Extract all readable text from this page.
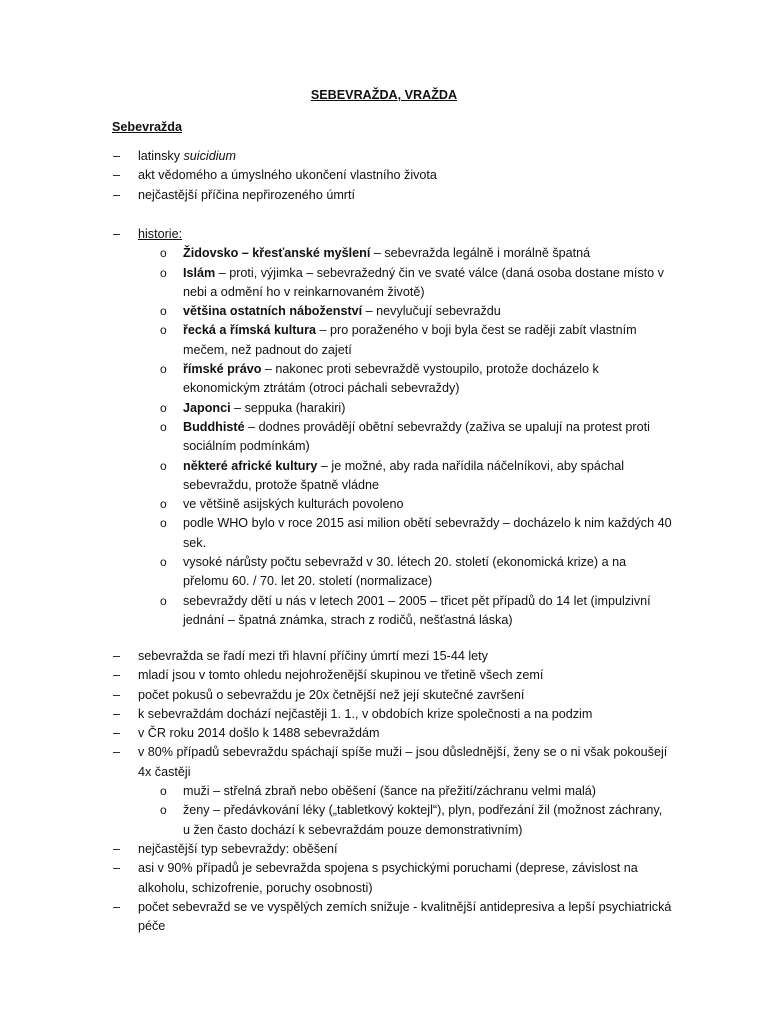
SEBEVRAŽDA, VRAŽDA
Sebevražda
– latinsky suicidium
– akt vědomého a úmyslného ukončení vlastního života
– nejčastější příčina nepřirozeného úmrtí
– historie:
o Židovsko – křesťanské myšlení – sebevražda legálně i morálně špatná
o Islám – proti, výjimka – sebevražedný čin ve svaté válce (daná osoba dostane místo v nebi a odmění ho v reinkarnovaném životě)
o většina ostatních náboženství – nevylučují sebevraždu
o řecká a římská kultura – pro poraženého v boji byla čest se raději zabít vlastním mečem, než padnout do zajetí
o římské právo – nakonec proti sebevraždě vystoupilo, protože docházelo k ekonomickým ztrátám (otroci páchali sebevraždy)
o Japonci – seppuka (harakiri)
o Buddhisté – dodnes provádějí obětní sebevraždy (zaživa se upalují na protest proti sociálním podmínkám)
o některé africké kultury – je možné, aby rada nařídila náčelníkovi, aby spáchal sebevraždu, protože špatně vládne
o ve většině asijských kulturách povoleno
o podle WHO bylo v roce 2015 asi milion obětí sebevraždy – docházelo k nim každých 40 sek.
o vysoké nárůsty počtu sebevražd v 30. létech 20. století (ekonomická krize) a na přelomu 60. / 70. let 20. století (normalizace)
o sebevraždy dětí u nás v letech 2001 – 2005 – třicet pět případů do 14 let (impulzivní jednání – špatná známka, strach z rodičů, nešťastná láska)
– sebevražda se řadí mezi tři hlavní příčiny úmrtí mezi 15-44 lety
– mladí jsou v tomto ohledu nejohroženější skupinou ve třetině všech zemí
– počet pokusů o sebevraždu je 20x četnější než její skutečné završení
– k sebevraždám dochází nejčastěji 1. 1., v obdobích krize společnosti a na podzim
– v ČR roku 2014 došlo k 1488 sebevraždám
– v 80% případů sebevraždu spáchají spíše muži – jsou důslednější, ženy se o ni však pokoušejí 4x častěji
o muži – střelná zbraň nebo oběšení (šance na přežití/záchranu velmi malá)
o ženy – předávkování léky („tabletkový koktejl“), plyn, podřezání žil (možnost záchrany, u žen často dochází k sebevraždám pouze demonstrativním)
– nejčastější typ sebevraždy: oběšení
– asi v 90% případů je sebevražda spojena s psychickými poruchami (deprese, závislost na alkoholu, schizofrenie, poruchy osobnosti)
– počet sebevražd se ve vyspělých zemích snižuje - kvalitnější antidepresiva a lepší psychiatrická péče
